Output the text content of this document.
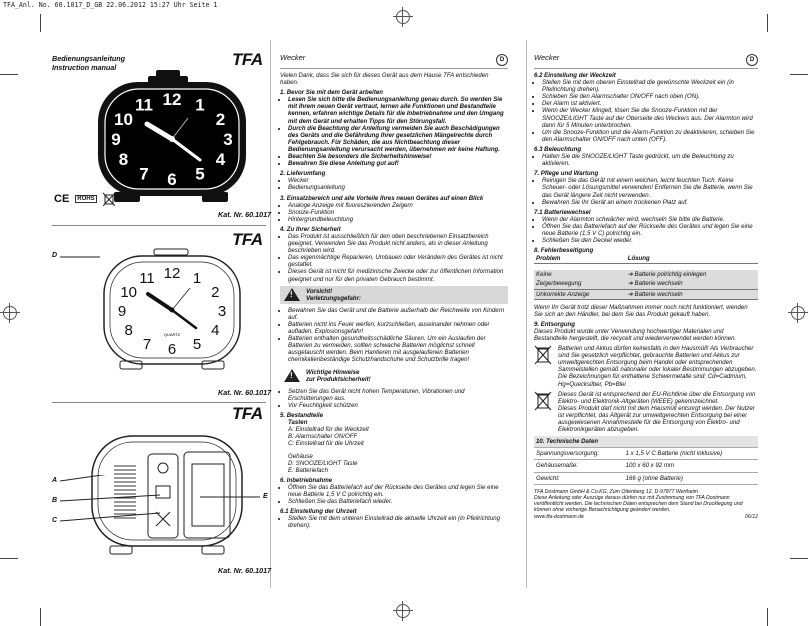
TFA_Anl. No. 60.1017_D_GB 22.06.2012 15:27 Uhr Seite 1
Bedienungsanleitung
Instruction manual	TFA
12 1
2
3
4
5
6
7
8
9
10
11
CE	ROHS
Kat. Nr. 60.1017
TFA
D
12 1
2
3
4
5
6
7
8
9
10
11
QUARTZ
Kat. Nr. 60.1017
TFA
A
B
C
E
Kat. Nr. 60.1017
Wecker	D

Vielen Dank, dass Sie sich für dieses Gerät aus dem Hause TFA entschieden haben.

1. Bevor Sie mit dem Gerät arbeiten
• Lesen Sie sich bitte die Bedienungsanleitung genau durch. So werden Sie mit Ihrem neuen Gerät vertraut, lernen alle Funktionen und Bestandteile kennen, erfahren wichtige Details für die Inbetriebnahme und den Umgang mit dem Gerät und erhalten Tipps für den Störungsfall.
• Durch die Beachtung der Anleitung vermeiden Sie auch Beschädigungen des Geräts und die Gefährdung Ihrer gesetzlichen Mängelrechte durch Fehlgebrauch. Für Schäden, die aus Nichtbeachtung dieser Bedienungsanleitung verursacht werden, übernehmen wir keine Haftung.
• Beachten Sie besonders die Sicherheitshinweise!
• Bewahren Sie diese Anleitung gut auf!
2. Lieferumfang
• Wecker
• Bedienungsanleitung
3. Einsatzbereich und alle Vorteile Ihres neuen Gerätes auf einen Blick
• Analoge Anzeige mit fluoreszierenden Zeigern
• Snooze-Funktion
• Hintergrundbeleuchtung
4. Zu Ihrer Sicherheit
• Das Produkt ist ausschließlich für den oben beschriebenen Einsatzbereich geeignet. Verwenden Sie das Produkt nicht anders, als in dieser Anleitung beschrieben wird.
• Das eigenmächtige Reparieren, Umbauen oder Verändern des Gerätes ist nicht gestattet.
• Dieses Gerät ist nicht für medizinische Zwecke oder zur öffentlichen Information geeignet und nur für den privaten Gebrauch bestimmt.
! Vorsicht!
Verletzungsgefahr:
• Bewahren Sie das Gerät und die Batterie außerhalb der Reichweite von Kindern auf.
• Batterien nicht ins Feuer werfen, kurzschließen, auseinander nehmen oder aufladen. Explosionsgefahr!
• Batterien enthalten gesundheitsschädliche Säuren. Um ein Auslaufen der Batterien zu vermeiden, sollten schwache Batterien möglichst schnell ausgetauscht werden. Beim Hantieren mit ausgelaufenen Batterien chemikalienbeständige Schutzhandschuhe und Schutzbrille tragen!
! Wichtige Hinweise
zur Produktsicherheit!
• Setzen Sie das Gerät nicht hohen Temperaturen, Vibrationen und Erschütterungen aus.
• Vor Feuchtigkeit schützen
5. Bestandteile
Tasten
A: Einstellrad für die Weckzeit
B: Alarmschalter ON/OFF
C: Einstellrad für die Uhrzeit
Gehäuse
D: SNOOZE/LIGHT Taste
E: Batteriefach
6. Inbetriebnahme
• Öffnen Sie das Batteriefach auf der Rückseite des Gerätes und legen Sie eine neue Batterie 1,5 V C polrichtig ein.
• Schließen Sie das Batteriefach wieder.
6.1 Einstellung der Uhrzeit
• Stellen Sie mit dem unteren Einstellrad die aktuelle Uhrzeit ein (in Pfeilrichtung drehen).
Wecker	D
6.2 Einstellung der Weckzeit
• Stellen Sie mit dem oberen Einstellrad die gewünschte Weckzeit ein (in Pfeilrichtung drehen).
• Schieben Sie den Alarmschalter ON/OFF nach oben (ON).
• Der Alarm ist aktiviert.
• Wenn der Wecker klingelt, lösen Sie die Snooze-Funktion mit der SNOOZE/LIGHT Taste auf der Oberseite des Weckers aus. Der Alarmton wird dann für 5 Minuten unterbrochen.
• Um die Snooze-Funktion und die Alarm-Funktion zu deaktivieren, schieben Sie den Alarmschalter ON/OFF nach unten (OFF).
6.3 Beleuchtung
• Halten Sie die SNOOZE/LIGHT Taste gedrückt, um die Beleuchtung zu aktivieren.
7. Pflege und Wartung
• Reinigen Sie das Gerät mit einem weichen, leicht feuchten Tuch. Keine Scheuer- oder Lösungsmittel verwenden! Entfernen Sie die Batterie, wenn Sie das Gerät längere Zeit nicht verwenden.
• Bewahren Sie Ihr Gerät an einem trockenen Platz auf.
7.1 Batteriewechsel
• Wenn der Alarmton schwächer wird, wechseln Sie bitte die Batterie.
• Öffnen Sie das Batteriefach auf der Rückseite des Gerätes und legen Sie eine neue Batterie (1,5 V C) polrichtig ein.
• Schließen Sie den Deckel wieder.
8. Fehlerbeseitigung
Problem	Lösung

Keine	➔ Batterie polrichtig einlegen
Zeigerbewegung	➔ Batterie wechseln
Unkorrekte Anzeige	➔ Batterie wechseln

Wenn Ihr Gerät trotz dieser Maßnahmen immer noch nicht funktioniert, wenden Sie sich an den Händler, bei dem Sie das Produkt gekauft haben.

9. Entsorgung

Dieses Produkt wurde unter Verwendung hochwertiger Materialen und Bestandteile hergestellt, die recycelt und wiederverwendet werden können.

Batterien und Akkus dürfen keinesfalls in den Hausmüll! Als Verbraucher sind Sie gesetzlich verpflichtet, gebrauchte Batterien und Akkus zur umweltgerechten Entsorgung beim Handel oder entsprechenden Sammelstellen gemäß nationaler oder lokaler Bestimmungen abzugeben.
Die Bezeichnungen für enthaltene Schwermetalle sind: Cd=Cadmium, Hg=Quecksilber, Pb=Blei
Dieses Gerät ist entsprechend der EU-Richtlinie über die Entsorgung von Elektro- und Elektronik-Altgeräten (WEEE) gekennzeichnet.
Dieses Produkt darf nicht mit dem Hausmüll entsorgt werden. Der Nutzer ist verpflichtet, das Altgerät zur umweltgerechten Entsorgung bei einer ausgewiesenen Annahmestelle für die Entsorgung von Elektro- und Elektronikgeräten abzugeben.
10. Technische Daten	
Spannungsversorgung:	1 x 1,5 V C Batterie (nicht inklusive)
Gehäusemaße:	100 x 60 x 92 mm
Gewicht:	166 g (ohne Batterie)
TFA Dostmann GmbH & Co.KG, Zum Ottenberg 12, D-97877 Wertheim
Diese Anleitung oder Auszüge daraus dürfen nur mit Zustimmung von TFA Dostmann veröffentlicht werden. Die technischen Daten entsprechen dem Stand bei Drucklegung und können ohne vorherige Benachrichtigung geändert werden.
www.tfa-dostmann.de	06/12
